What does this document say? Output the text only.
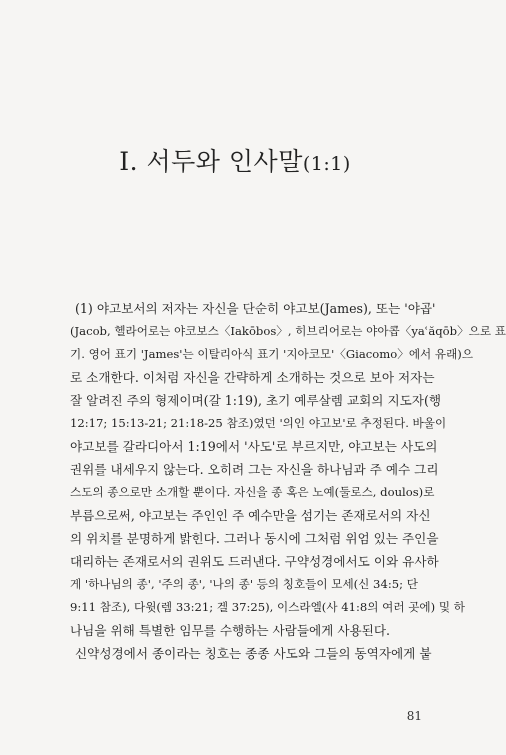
Ⅰ. 서두와 인사말(1:1)
(1) 야고보서의 저자는 자신을 단순히 야고보(James), 또는 '야곱'
(Jacob, 헬라어로는 야코보스〈Iakōbos〉, 히브리어로는 야아콥〈yaʿăqōb〉으로 표
기. 영어 표기 'James'는 이탈리아식 표기 '지아코모'〈Giacomo〉에서 유래)으
로 소개한다. 이처럼 자신을 간략하게 소개하는 것으로 보아 저자는
잘 알려진 주의 형제이며(갈 1:19), 초기 예루살렘 교회의 지도자(행
12:17; 15:13-21; 21:18-25 참조)였던 '의인 야고보'로 추정된다. 바울이
야고보를 갈라디아서 1:19에서 '사도'로 부르지만, 야고보는 사도의
권위를 내세우지 않는다. 오히려 그는 자신을 하나님과 주 예수 그리
스도의 종으로만 소개할 뿐이다. 자신을 종 혹은 노예(둘로스, doulos)로
부름으로써, 야고보는 주인인 주 예수만을 섬기는 존재로서의 자신
의 위치를 분명하게 밝힌다. 그러나 동시에 그처럼 위엄 있는 주인을
대리하는 존재로서의 권위도 드러낸다. 구약성경에서도 이와 유사하
게 '하나님의 종', '주의 종', '나의 종' 등의 칭호들이 모세(신 34:5; 단
9:11 참조), 다윗(렘 33:21; 겔 37:25), 이스라엘(사 41:8의 여러 곳에) 및 하
나님을 위해 특별한 임무를 수행하는 사람들에게 사용된다.
신약성경에서 종이라는 칭호는 종종 사도와 그들의 동역자에게 붙
81
